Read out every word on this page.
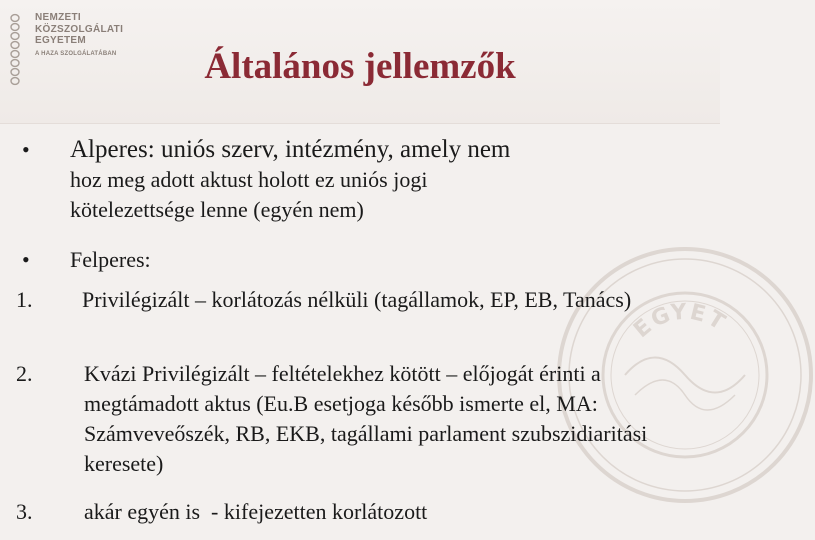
NEMZETI
KÖZSZOLGÁLATI
EGYETEM
A HAZA SZOLGÁLATÁBAN	Általános jellemzők
E
G
Y E
T
•	Alperes: uniós szerv, intézmény, amely nem
hoz meg adott aktust holott ez uniós jogi kötelezettsége lenne (egyén nem)
•	Felperes:
1.	Privilégizált – korlátozás nélküli (tagállamok, EP, EB, Tanács)
2.	Kvázi Privilégizált – feltételekhez kötött – előjogát érinti a megtámadott aktus (Eu.B esetjoga később ismerte el, MA: Számveveőszék, RB, EKB, tagállami parlament szubszidiaritási keresete)
3.	akár egyén is  - kifejezetten korlátozott
